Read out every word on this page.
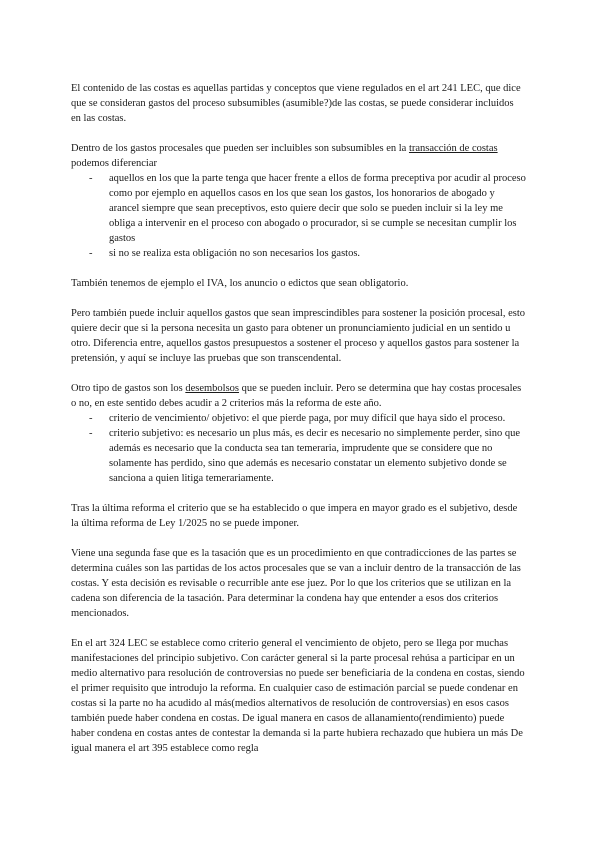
El contenido de las costas es aquellas partidas y conceptos que viene regulados en el art 241 LEC, que dice que se consideran gastos del proceso subsumibles (asumible?)de las costas, se puede considerar incluidos en las costas.

Dentro de los gastos procesales que pueden ser incluibles son subsumibles en la transacción de costas podemos diferenciar

- aquellos en los que la parte tenga que hacer frente a ellos de forma preceptiva por acudir al proceso como por ejemplo en aquellos casos en los que sean los gastos, los honorarios de abogado y arancel siempre que sean preceptivos, esto quiere decir que solo se pueden incluir si la ley me obliga a intervenir en el proceso con abogado o procurador, si se cumple se necesitan cumplir los gastos
- si no se realiza esta obligación no son necesarios los gastos.

También tenemos de ejemplo el IVA, los anuncio o edictos que sean obligatorio.

Pero también puede incluir aquellos gastos que sean imprescindibles para sostener la posición procesal, esto quiere decir que si la persona necesita un gasto para obtener un pronunciamiento judicial en un sentido u otro. Diferencia entre, aquellos gastos presupuestos a sostener el proceso y aquellos gastos para sostener la pretensión, y aquí se incluye las pruebas que son transcendental.

Otro tipo de gastos son los desembolsos que se pueden incluir. Pero se determina que hay costas procesales o no, en este sentido debes acudir a 2 criterios más la reforma de este año.

- criterio de vencimiento/ objetivo: el que pierde paga, por muy difícil que haya sido el proceso.
- criterio subjetivo: es necesario un plus más, es decir es necesario no simplemente perder, sino que además es necesario que la conducta sea tan temeraria, imprudente que se considere que no solamente has perdido, sino que además es necesario constatar un elemento subjetivo donde se sanciona a quien litiga temerariamente.

Tras la última reforma el criterio que se ha establecido o que impera en mayor grado es el subjetivo, desde la última reforma de Ley 1/2025 no se puede imponer.

Viene una segunda fase que es la tasación que es un procedimiento en que contradicciones de las partes se determina cuáles son las partidas de los actos procesales que se van a incluir dentro de la transacción de las costas. Y esta decisión es revisable o recurrible ante ese juez. Por lo que los criterios que se utilizan en la cadena son diferencia de la tasación. Para determinar la condena hay que entender a esos dos criterios mencionados.

En el art 324 LEC se establece como criterio general el vencimiento de objeto, pero se llega por muchas manifestaciones del principio subjetivo. Con carácter general si la parte procesal rehúsa a participar en un medio alternativo para resolución de controversias no puede ser beneficiaria de la condena en costas, siendo el primer requisito que introdujo la reforma. En cualquier caso de estimación parcial se puede condenar en costas si la parte no ha acudido al más(medios alternativos de resolución de controversias) en esos casos también puede haber condena en costas. De igual manera en casos de allanamiento(rendimiento) puede haber condena en costas antes de contestar la demanda si la parte hubiera rechazado que hubiera un más De igual manera el art 395 establece como regla
